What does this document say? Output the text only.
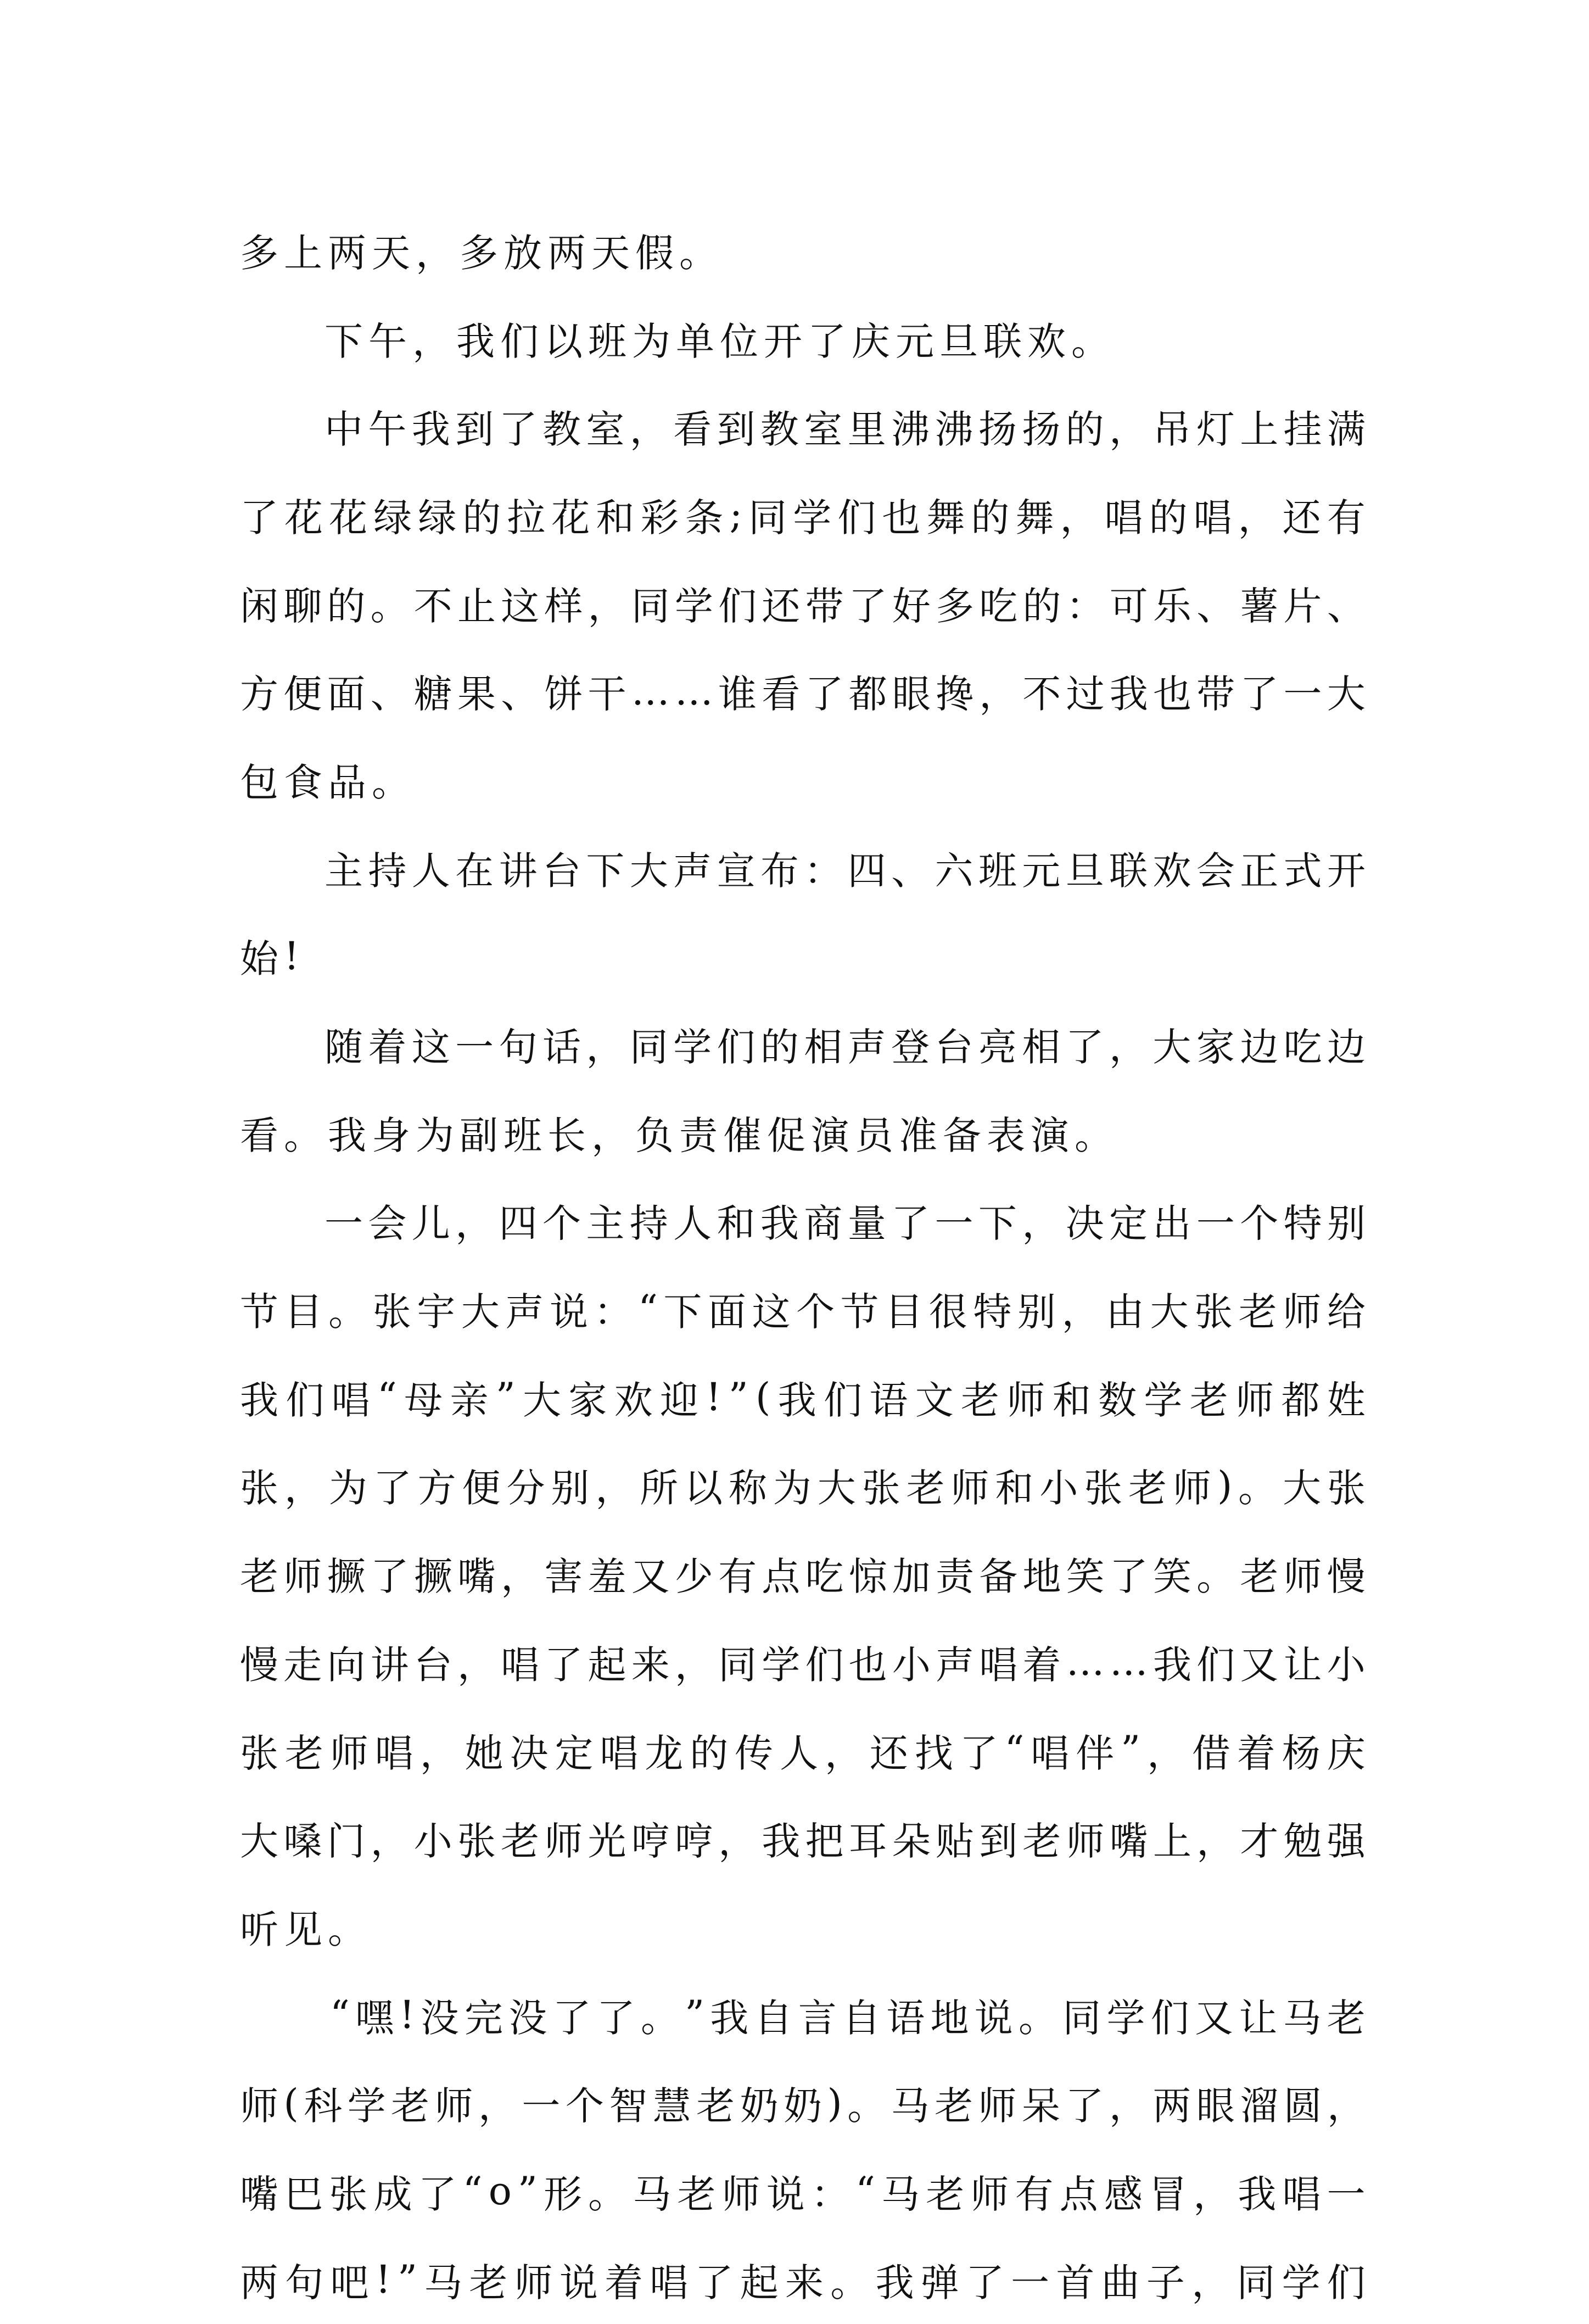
多 上 两 天 ， 多 放 两 天 假 。
下 午 ， 我 们 以 班 为 单 位 开 了 庆 元 旦 联 欢 。
中 午 我 到 了 教 室 ， 看 到 教 室 里 沸 沸 扬 扬 的 ， 吊 灯 上 挂 满
了 花 花 绿 绿 的 拉 花 和 彩 条 ; 同 学 们 也 舞 的 舞 ， 唱 的 唱 ， 还 有
闲 聊 的 。 不 止 这 样 ， 同 学 们 还 带 了 好 多 吃 的 ： 可 乐 、 薯 片 、
方 便 面 、 糖 果 、 饼 干 … … 谁 看 了 都 眼 搀 ， 不 过 我 也 带 了 一 大
包 食 品 。
主 持 人 在 讲 台 下 大 声 宣 布 ： 四 、 六 班 元 旦 联 欢 会 正 式 开
始 !
随 着 这 一 句 话 ， 同 学 们 的 相 声 登 台 亮 相 了 ， 大 家 边 吃 边
看 。 我 身 为 副 班 长 ， 负 责 催 促 演 员 准 备 表 演 。
一 会 儿 ， 四 个 主 持 人 和 我 商 量 了 一 下 ， 决 定 出 一 个 特 别
节 目 。 张 宇 大 声 说 ： “ 下 面 这 个 节 目 很 特 别 ， 由 大 张 老 师 给
我 们 唱 “ 母 亲 ” 大 家 欢 迎 ! ” ( 我 们 语 文 老 师 和 数 学 老 师 都 姓
张 ， 为 了 方 便 分 别 ， 所 以 称 为 大 张 老 师 和 小 张 老 师 ) 。 大 张
老 师 撅 了 撅 嘴 ， 害 羞 又 少 有 点 吃 惊 加 责 备 地 笑 了 笑 。 老 师 慢
慢 走 向 讲 台 ， 唱 了 起 来 ， 同 学 们 也 小 声 唱 着 … … 我 们 又 让 小
张 老 师 唱 ， 她 决 定 唱 龙 的 传 人 ， 还 找 了 “ 唱 伴 ” ， 借 着 杨 庆
大 嗓 门 ， 小 张 老 师 光 哼 哼 ， 我 把 耳 朵 贴 到 老 师 嘴 上 ， 才 勉 强
听 见 。
“ 嘿 ! 没 完 没 了 了 。 ” 我 自 言 自 语 地 说 。 同 学 们 又 让 马 老
师 ( 科 学 老 师 ， 一 个 智 慧 老 奶 奶 ) 。 马 老 师 呆 了 ， 两 眼 溜 圆 ，
嘴 巴 张 成 了 “ o ” 形 。 马 老 师 说 ： “ 马 老 师 有 点 感 冒 ， 我 唱 一
两 句 吧 ! ” 马 老 师 说 着 唱 了 起 来 。 我 弹 了 一 首 曲 子 ， 同 学 们
